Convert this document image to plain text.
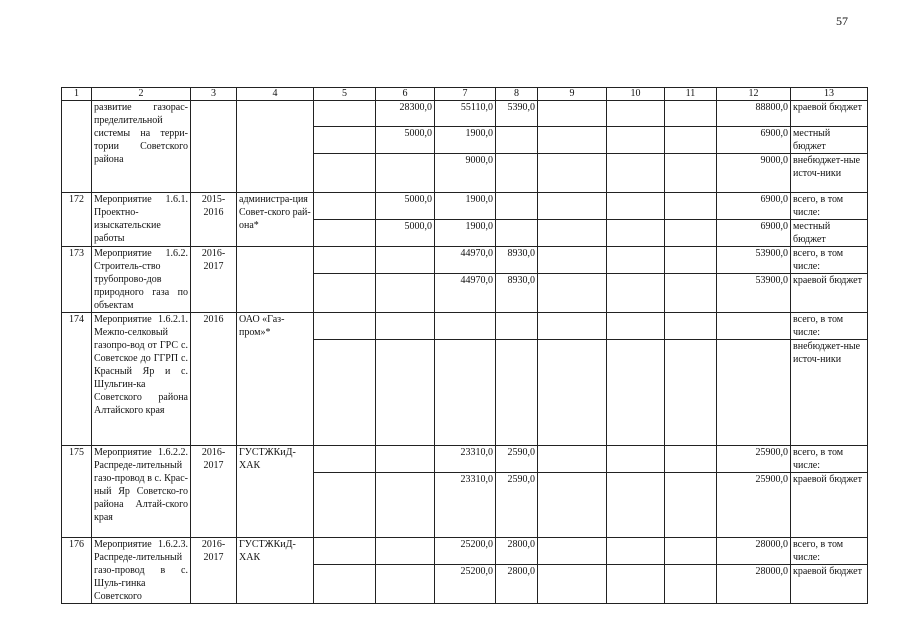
57
1	2	3	4	5	6	7	8	9	10	11	12	13
	развитие газорас-пределительной системы на терри-тории Советского района				28300,0	55110,0	5390,0				88800,0	краевой бюджет
					5000,0	1900,0					6900,0	местный бюджет
						9000,0					9000,0	внебюджет-ные источ-ники
172	Мероприятие 1.6.1. Проектно-изыскательские работы	2015-2016	администра-ция Совет-ского рай-она*		5000,0	1900,0					6900,0	всего, в том числе:
					5000,0	1900,0					6900,0	местный бюджет
173	Мероприятие 1.6.2. Строитель-ство трубопрово-дов природного газа по объектам	2016-2017				44970,0	8930,0				53900,0	всего, в том числе:
						44970,0	8930,0				53900,0	краевой бюджет
174	Мероприятие 1.6.2.1. Межпо-селковый газопро-вод от ГРС с. Советское до ГГРП с. Красный Яр и с. Шульгин-ка Советского района Алтайского края	2016	ОАО «Газ-пром»*									всего, в том числе:
												внебюджет-ные источ-ники
175	Мероприятие 1.6.2.2. Распреде-лительный газо-провод в с. Крас-ный Яр Советско-го района Алтай-ского края	2016-2017	ГУСТЖКиД-ХАК			23310,0	2590,0				25900,0	всего, в том числе:
						23310,0	2590,0				25900,0	краевой бюджет
176	Мероприятие 1.6.2.3. Распреде-лительный газо-провод в с. Шуль-гинка Советского	2016-2017	ГУСТЖКиД-ХАК			25200,0	2800,0				28000,0	всего, в том числе:
						25200,0	2800,0				28000,0	краевой бюджет
